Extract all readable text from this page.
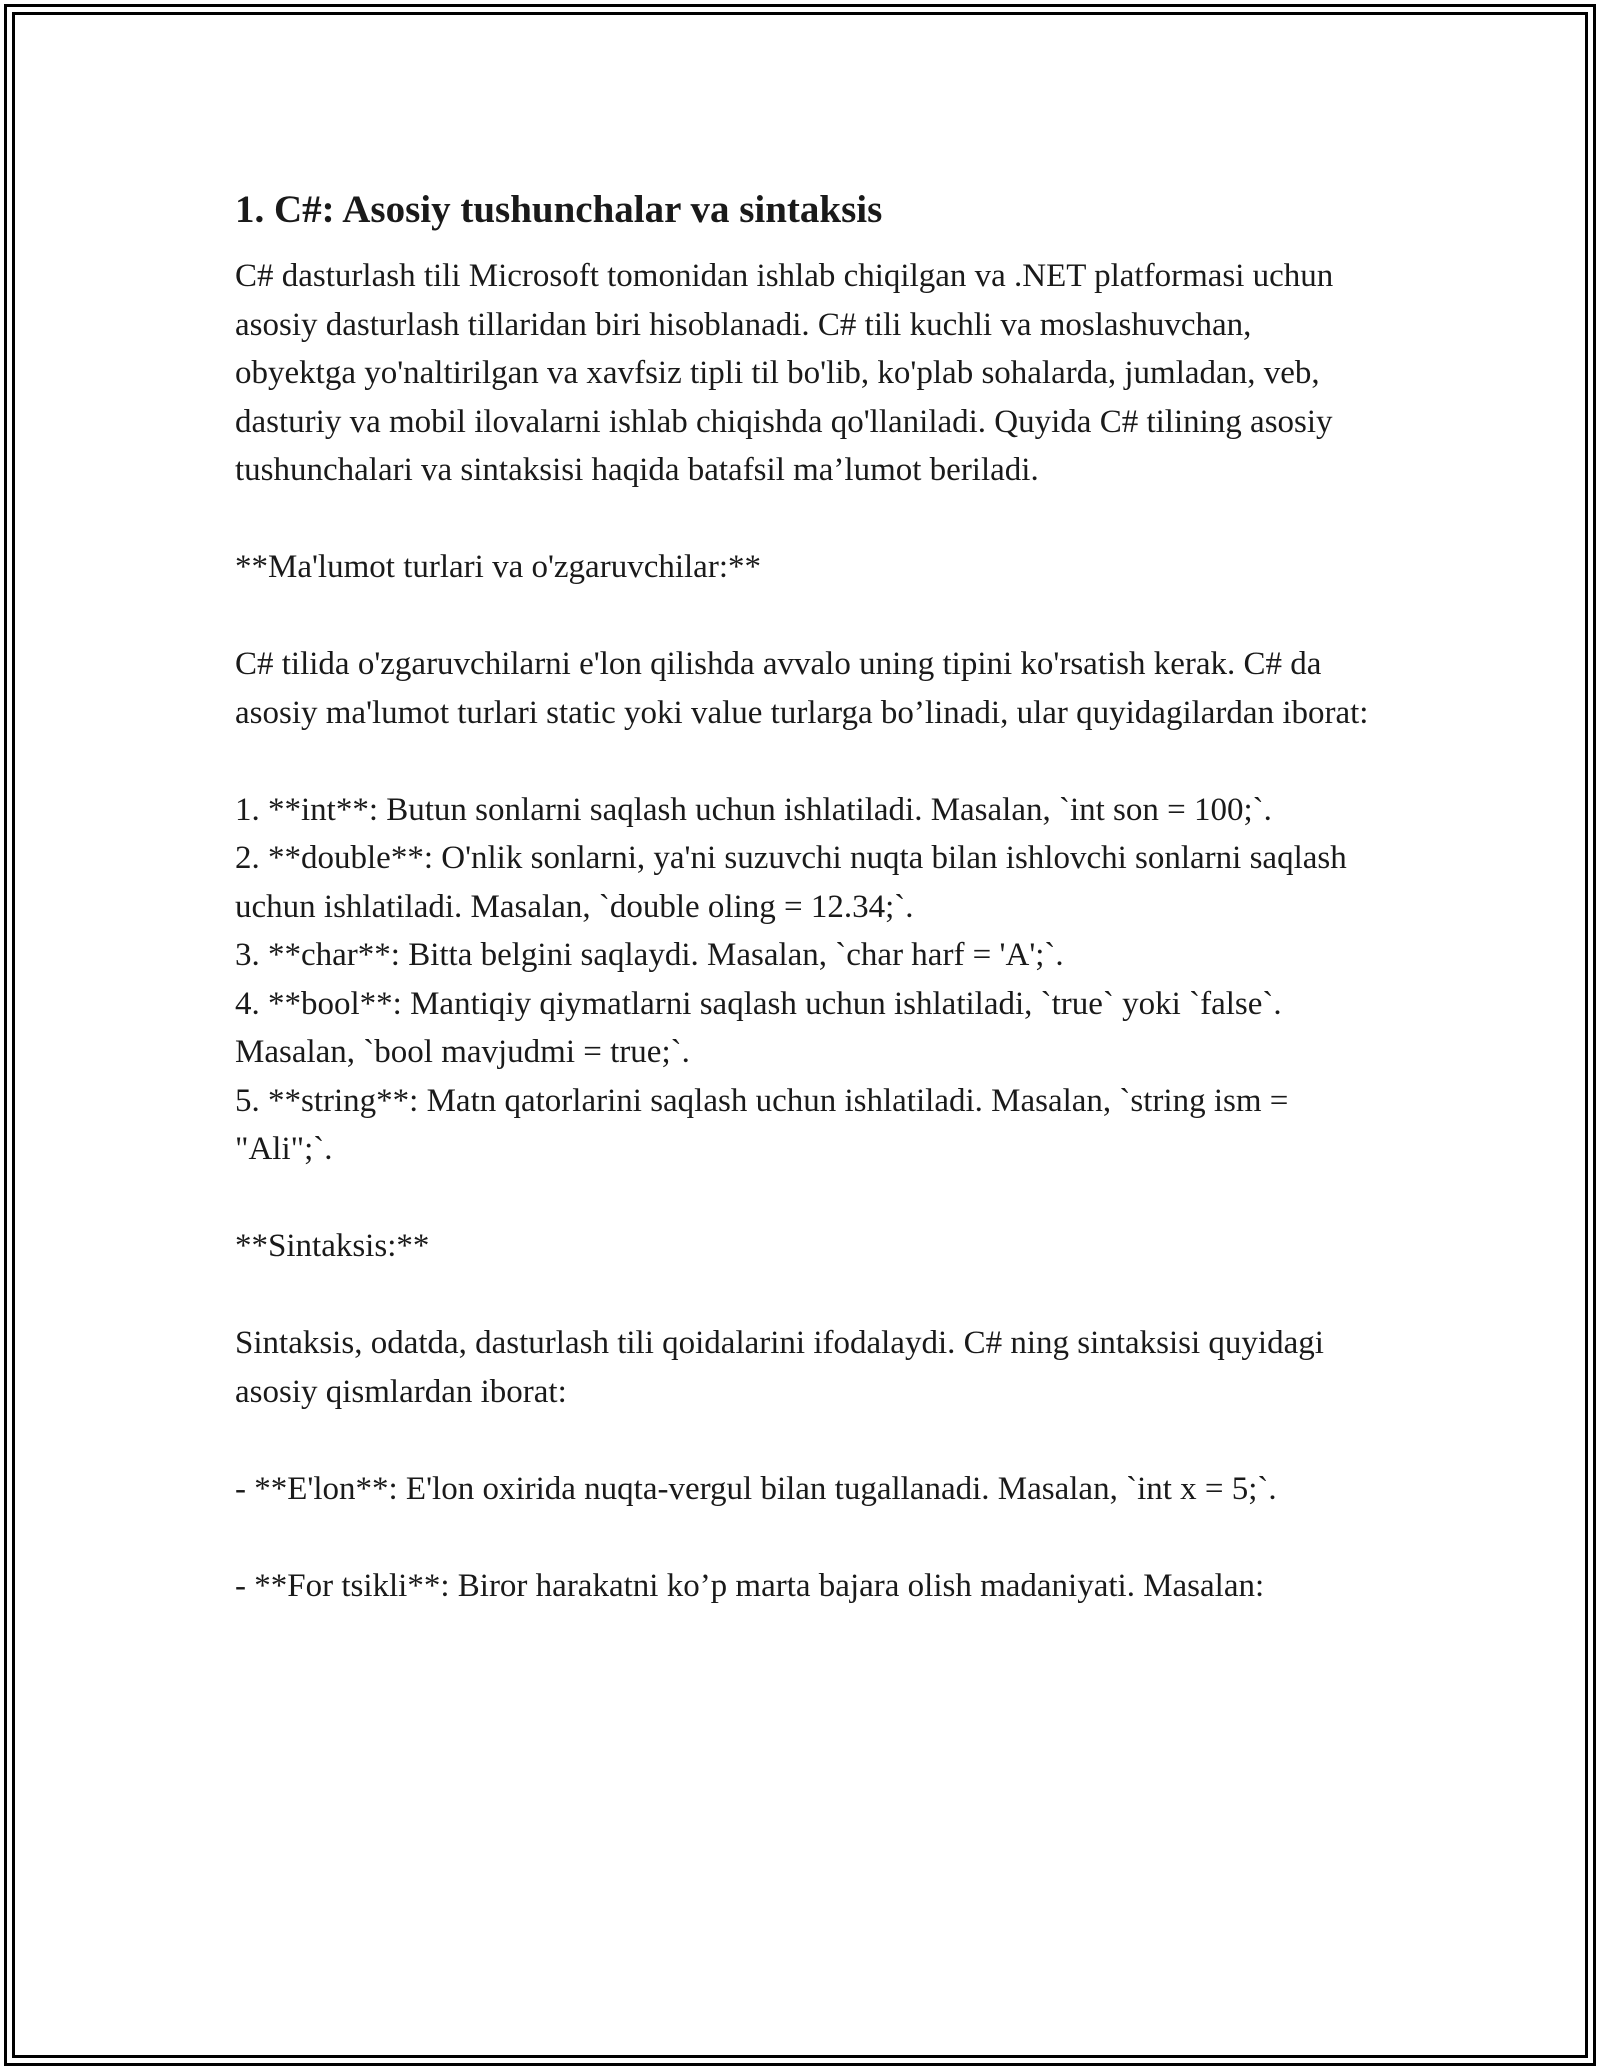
1. C#: Asosiy tushunchalar va sintaksis

C# dasturlash tili Microsoft tomonidan ishlab chiqilgan va .NET platformasi uchun asosiy dasturlash tillaridan biri hisoblanadi. C# tili kuchli va moslashuvchan, obyektga yo'naltirilgan va xavfsiz tipli til bo'lib, ko'plab sohalarda, jumladan, veb, dasturiy va mobil ilovalarni ishlab chiqishda qo'llaniladi. Quyida C# tilining asosiy tushunchalari va sintaksisi haqida batafsil ma’lumot beriladi.

**Ma'lumot turlari va o'zgaruvchilar:**

C# tilida o'zgaruvchilarni e'lon qilishda avvalo uning tipini ko'rsatish kerak. C# da asosiy ma'lumot turlari static yoki value turlarga bo’linadi, ular quyidagilardan iborat:

1. **int**: Butun sonlarni saqlash uchun ishlatiladi. Masalan, `int son = 100;`.
2. **double**: O'nlik sonlarni, ya'ni suzuvchi nuqta bilan ishlovchi sonlarni saqlash uchun ishlatiladi. Masalan, `double oling = 12.34;`.
3. **char**: Bitta belgini saqlaydi. Masalan, `char harf = 'A';`.
4. **bool**: Mantiqiy qiymatlarni saqlash uchun ishlatiladi, `true` yoki `false`. Masalan, `bool mavjudmi = true;`.
5. **string**: Matn qatorlarini saqlash uchun ishlatiladi. Masalan, `string ism = "Ali";`.

**Sintaksis:**

Sintaksis, odatda, dasturlash tili qoidalarini ifodalaydi. C# ning sintaksisi quyidagi asosiy qismlardan iborat:

- **E'lon**: E'lon oxirida nuqta-vergul bilan tugallanadi. Masalan, `int x = 5;`.

- **For tsikli**: Biror harakatni ko’p marta bajara olish madaniyati. Masalan:
